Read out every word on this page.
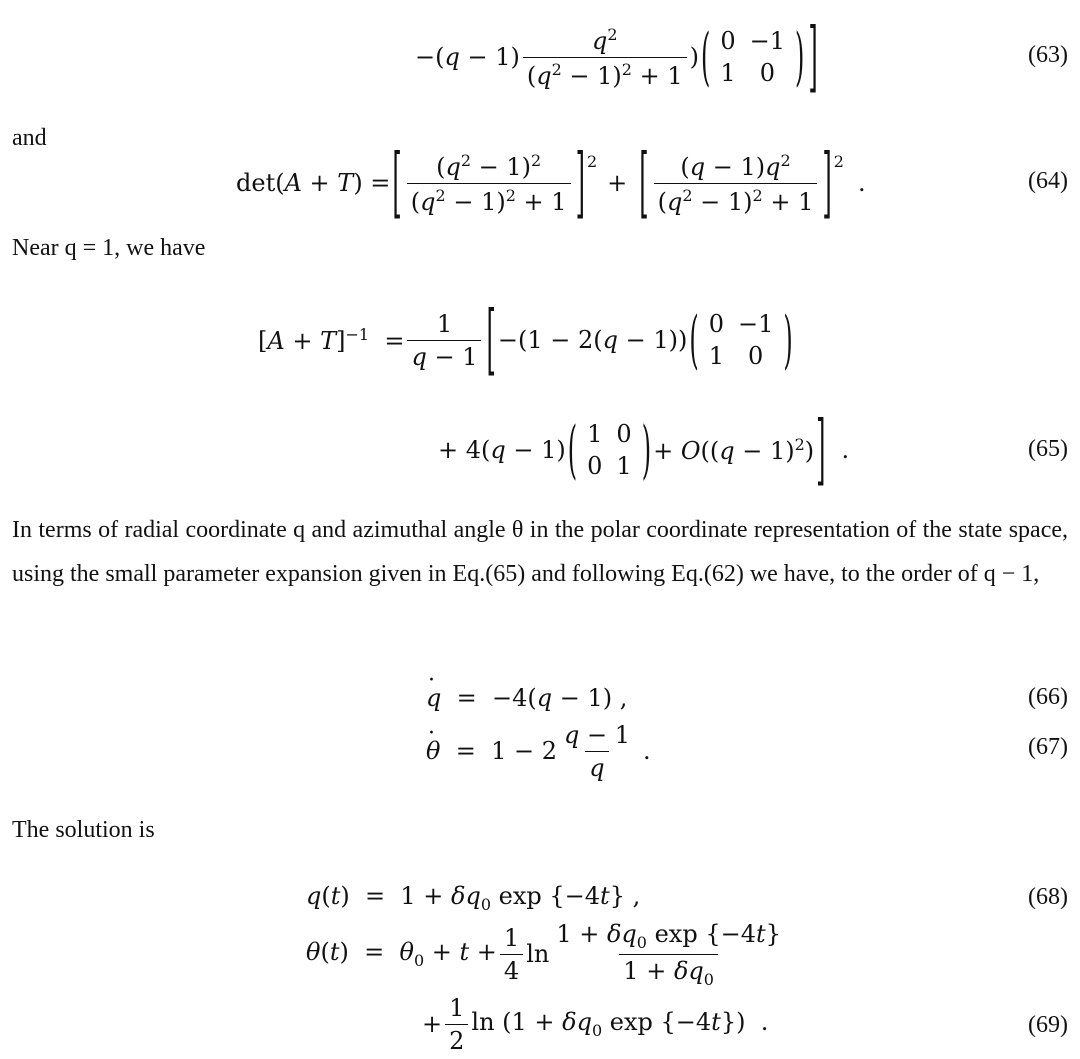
$-(q - 1) \frac{q^2}{(q^2 - 1)^2 + 1}$ ) ( 0 −1
1	0 ) ]	(63)

and

det(A + T) = [ $\frac{(q^2 - 1)^2}{(q^2 - 1)^2 + 1} ]^2$
+ [ $\frac{(q - 1)q^2}{(q^2 - 1)^2 + 1} ]^2$
.	(64)

Near q = 1, we have

$[A + T]^{-1} = \frac{1}{q - 1}$ [ −(1 − 2(q − 1)) ( 0 −1
1	0 )
+ 4(q − 1) ( 1 0
0 1 ) + $O((q - 1)^2)$ ] .	(65)

In terms of radial coordinate q and azimuthal angle θ in the polar coordinate representation of the state space, using the small parameter expansion given in Eq.(65) and following Eq.(62) we have, to the order of q − 1,

· q  =  −4(q − 1) ,	(66)
· $\theta = 1 - 2 \frac{q - 1}{q}$ .	(67)

The solution is

$q(t) = 1 + \delta q_0$ exp {−4t} ,	(68)
$\theta(t) = \theta_0 + t + \frac{1}{4}$ $\ln \frac{1 + \delta q_0 \exp \{-4t\}}{1 + \delta q_0}$
+ $\frac{1}{2}$ $\ln (1 + \delta q_0$ exp {−4t})  .	(69)
